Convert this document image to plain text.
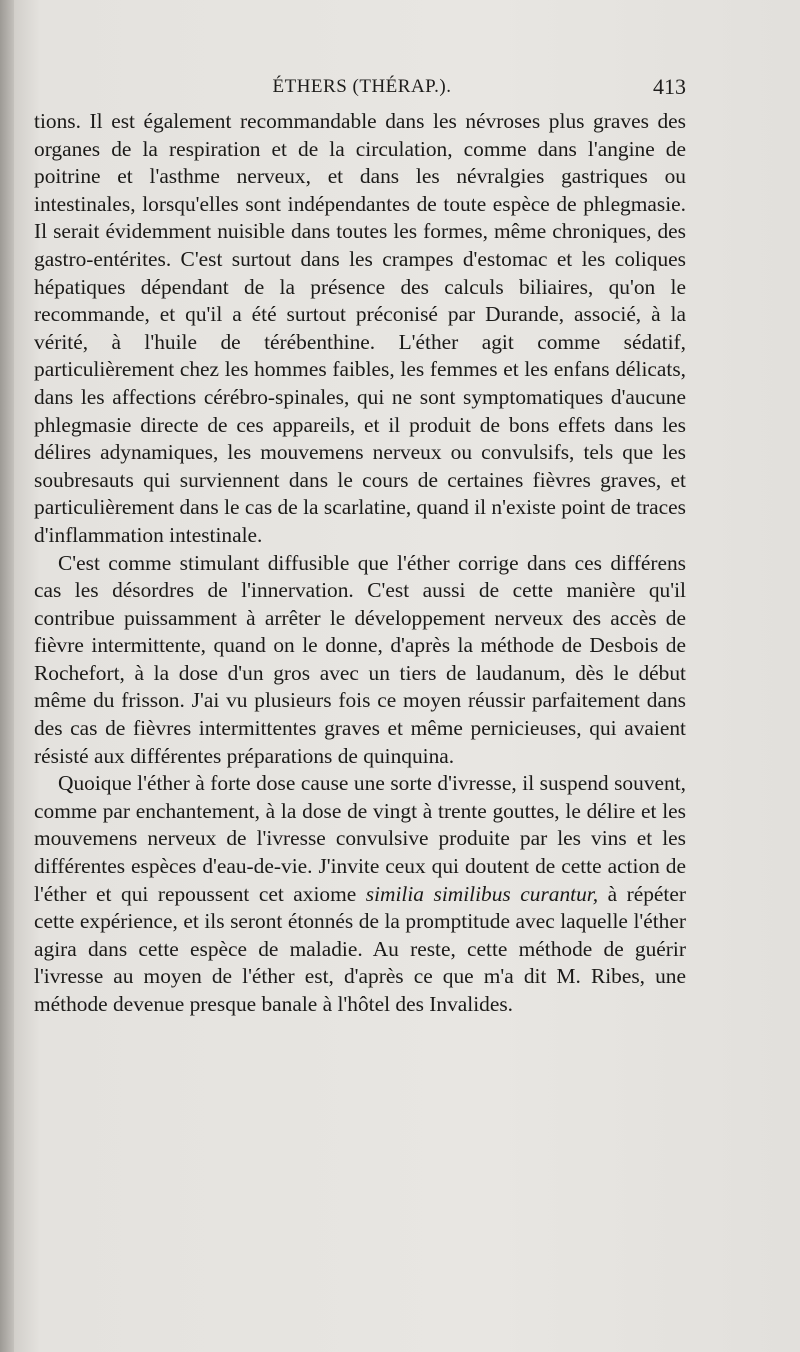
ÉTHERS (THÉRAP.).	413

tions. Il est également recommandable dans les névroses plus graves des organes de la respiration et de la circulation, comme dans l'angine de poitrine et l'asthme nerveux, et dans les névralgies gastriques ou intestinales, lorsqu'elles sont indépendantes de toute espèce de phlegmasie. Il serait évidemment nuisible dans toutes les formes, même chroniques, des gastro-entérites. C'est surtout dans les crampes d'estomac et les coliques hépatiques dépendant de la présence des calculs biliaires, qu'on le recommande, et qu'il a été surtout préconisé par Durande, associé, à la vérité, à l'huile de térébenthine. L'éther agit comme sédatif, particulièrement chez les hommes faibles, les femmes et les enfans délicats, dans les affections cérébro-spinales, qui ne sont symptomatiques d'aucune phlegmasie directe de ces appareils, et il produit de bons effets dans les délires adynamiques, les mouvemens nerveux ou convulsifs, tels que les soubresauts qui surviennent dans le cours de certaines fièvres graves, et particulièrement dans le cas de la scarlatine, quand il n'existe point de traces d'inflammation intestinale.

C'est comme stimulant diffusible que l'éther corrige dans ces différens cas les désordres de l'innervation. C'est aussi de cette manière qu'il contribue puissamment à arrêter le développement nerveux des accès de fièvre intermittente, quand on le donne, d'après la méthode de Desbois de Rochefort, à la dose d'un gros avec un tiers de laudanum, dès le début même du frisson. J'ai vu plusieurs fois ce moyen réussir parfaitement dans des cas de fièvres intermittentes graves et même pernicieuses, qui avaient résisté aux différentes préparations de quinquina.

Quoique l'éther à forte dose cause une sorte d'ivresse, il suspend souvent, comme par enchantement, à la dose de vingt à trente gouttes, le délire et les mouvemens nerveux de l'ivresse convulsive produite par les vins et les différentes espèces d'eau-de-vie. J'invite ceux qui doutent de cette action de l'éther et qui repoussent cet axiome similia similibus curantur, à répéter cette expérience, et ils seront étonnés de la promptitude avec laquelle l'éther agira dans cette espèce de maladie. Au reste, cette méthode de guérir l'ivresse au moyen de l'éther est, d'après ce que m'a dit M. Ribes, une méthode devenue presque banale à l'hôtel des Invalides.
